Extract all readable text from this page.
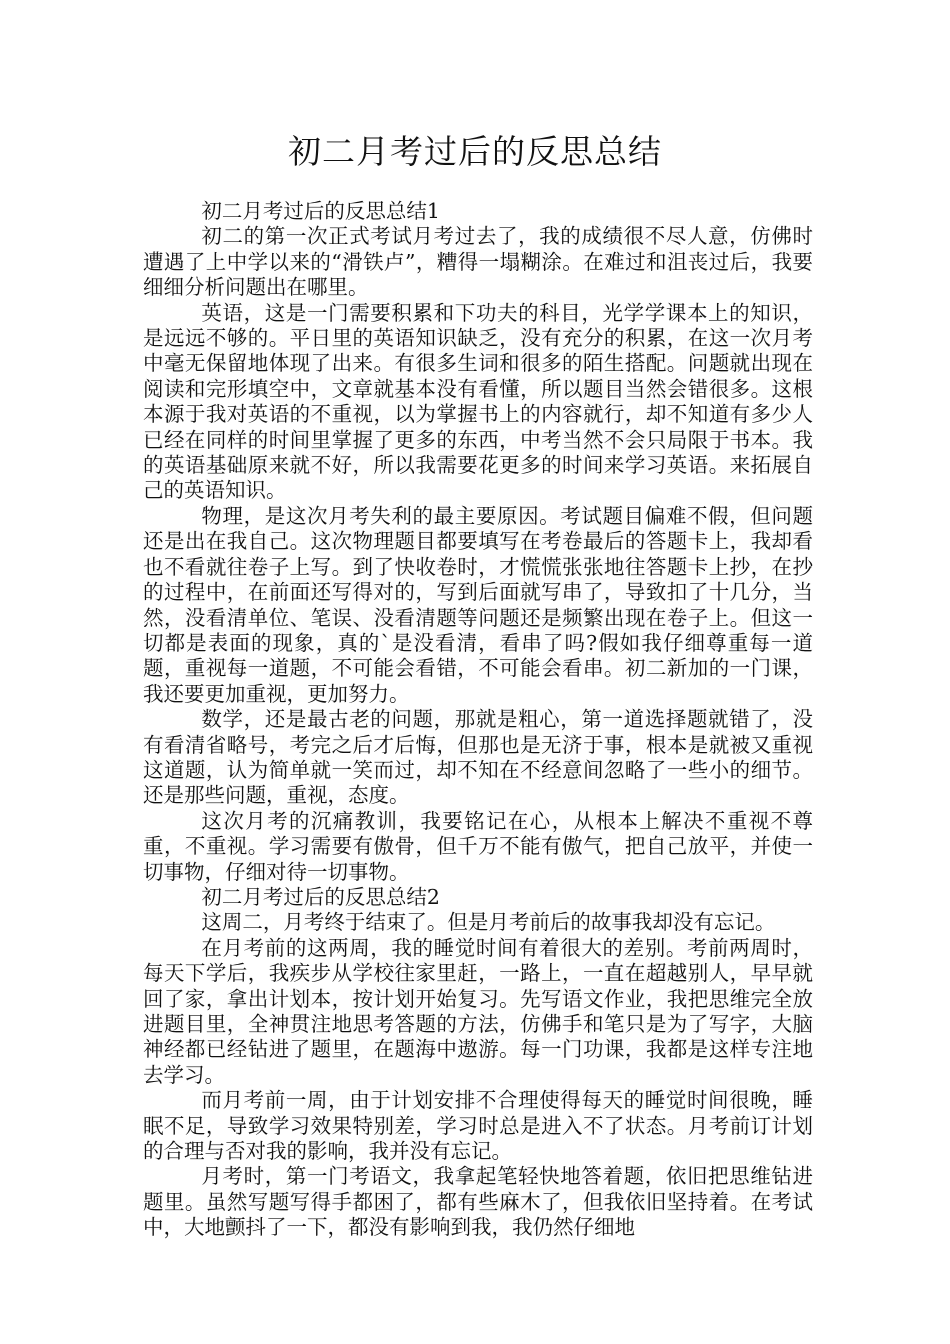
初二月考过后的反思总结

初二月考过后的反思总结1

初二的第一次正式考试月考过去了，我的成绩很不尽人意，仿佛时遭遇了上中学以来的“滑铁卢”，糟得一塌糊涂。在难过和沮丧过后，我要细细分析问题出在哪里。

英语，这是一门需要积累和下功夫的科目，光学学课本上的知识，是远远不够的。平日里的英语知识缺乏，没有充分的积累，在这一次月考中毫无保留地体现了出来。有很多生词和很多的陌生搭配。问题就出现在阅读和完形填空中，文章就基本没有看懂，所以题目当然会错很多。这根本源于我对英语的不重视，以为掌握书上的内容就行，却不知道有多少人已经在同样的时间里掌握了更多的东西，中考当然不会只局限于书本。我的英语基础原来就不好，所以我需要花更多的时间来学习英语。来拓展自己的英语知识。

物理，是这次月考失利的最主要原因。考试题目偏难不假，但问题还是出在我自己。这次物理题目都要填写在考卷最后的答题卡上，我却看也不看就往卷子上写。到了快收卷时，才慌慌张张地往答题卡上抄，在抄的过程中，在前面还写得对的，写到后面就写串了，导致扣了十几分，当然，没看清单位、笔误、没看清题等问题还是频繁出现在卷子上。但这一切都是表面的现象，真的`是没看清，看串了吗?假如我仔细尊重每一道题，重视每一道题，不可能会看错，不可能会看串。初二新加的一门课，我还要更加重视，更加努力。

数学，还是最古老的问题，那就是粗心，第一道选择题就错了，没有看清省略号，考完之后才后悔，但那也是无济于事，根本是就被又重视这道题，认为简单就一笑而过，却不知在不经意间忽略了一些小的细节。还是那些问题，重视，态度。

这次月考的沉痛教训，我要铭记在心，从根本上解决不重视不尊重，不重视。学习需要有傲骨，但千万不能有傲气，把自己放平，并使一切事物，仔细对待一切事物。

初二月考过后的反思总结2

这周二，月考终于结束了。但是月考前后的故事我却没有忘记。

在月考前的这两周，我的睡觉时间有着很大的差别。考前两周时，每天下学后，我疾步从学校往家里赶，一路上，一直在超越别人，早早就回了家，拿出计划本，按计划开始复习。先写语文作业，我把思维完全放进题目里，全神贯注地思考答题的方法，仿佛手和笔只是为了写字，大脑神经都已经钻进了题里，在题海中遨游。每一门功课，我都是这样专注地去学习。

而月考前一周，由于计划安排不合理使得每天的睡觉时间很晚，睡眠不足，导致学习效果特别差，学习时总是进入不了状态。月考前订计划的合理与否对我的影响，我并没有忘记。

月考时，第一门考语文，我拿起笔轻快地答着题，依旧把思维钻进题里。虽然写题写得手都困了，都有些麻木了，但我依旧坚持着。在考试中，大地颤抖了一下，都没有影响到我，我仍然仔细地
